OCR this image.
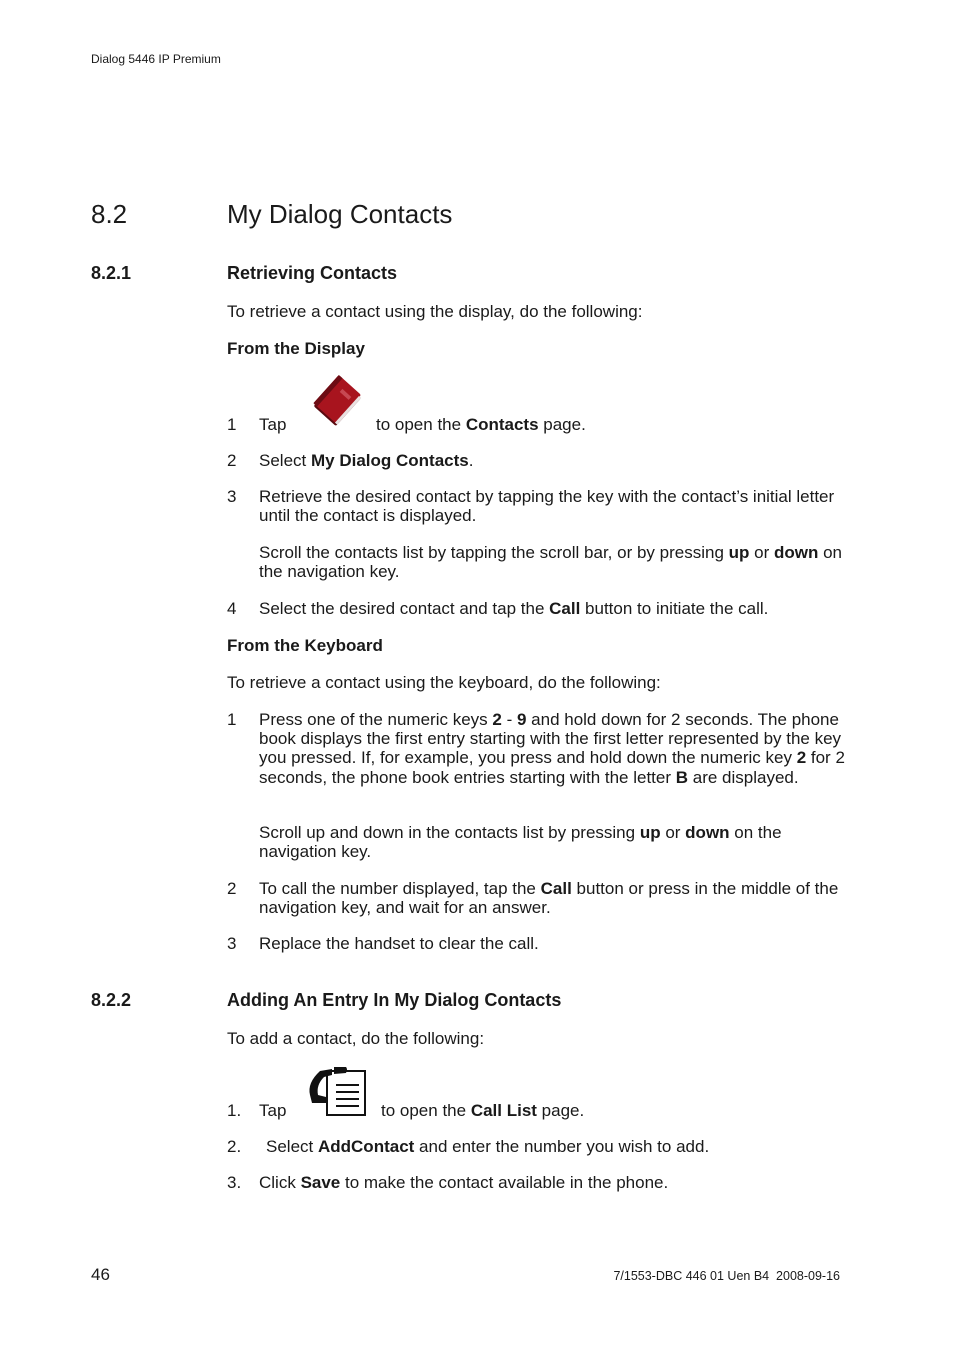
Dialog 5446 IP Premium
8.2	My Dialog Contacts
8.2.1	Retrieving Contacts
To retrieve a contact using the display, do the following:
From the Display
1 Tap	to open the Contacts page.
2 Select My Dialog Contacts.
3 Retrieve the desired contact by tapping the key with the contact’s initial letter until the contact is displayed.
Scroll the contacts list by tapping the scroll bar, or by pressing up or down on the navigation key.
4 Select the desired contact and tap the Call button to initiate the call.
From the Keyboard
To retrieve a contact using the keyboard, do the following:
1 Press one of the numeric keys 2 - 9 and hold down for 2 seconds. The phone book displays the first entry starting with the first letter represented by the key you pressed. If, for example, you press and hold down the numeric key 2 for 2 seconds, the phone book entries starting with the letter B are displayed.
Scroll up and down in the contacts list by pressing up or down on the navigation key.
2 To call the number displayed, tap the Call button or press in the middle of the navigation key, and wait for an answer.
3 Replace the handset to clear the call.
8.2.2	Adding An Entry In My Dialog Contacts
To add a contact, do the following:
1. Tap	to open the Call List page.
2. Select AddContact and enter the number you wish to add.
3. Click Save to make the contact available in the phone.
46	7/1553-DBC 446 01 Uen B4  2008-09-16
